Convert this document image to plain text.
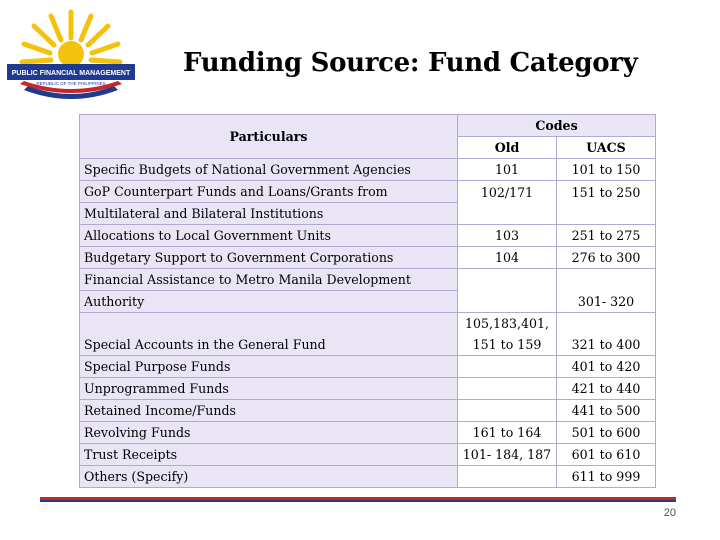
PUBLIC FINANCIAL MANAGEMENT
REPUBLIC OF THE PHILIPPINES
Funding Source: Fund Category
Particulars	Codes	
	Old	UACS
Specific Budgets of National Government Agencies	101	101 to 150
GoP Counterpart Funds and Loans/Grants from	102/171	151 to 250
Multilateral and Bilateral Institutions		
Allocations to Local Government Units	103	251 to 275
Budgetary Support to Government Corporations	104	276 to 300
Financial Assistance to Metro Manila Development		
Authority		301- 320
	105,183,401,	
Special Accounts in the General Fund	151 to 159	321 to 400
Special Purpose Funds		401 to 420
Unprogrammed Funds		421 to 440
Retained Income/Funds		441 to 500
Revolving Funds	161 to 164	501 to 600
Trust Receipts	101- 184, 187	601 to 610
Others (Specify)		611 to 999
20
